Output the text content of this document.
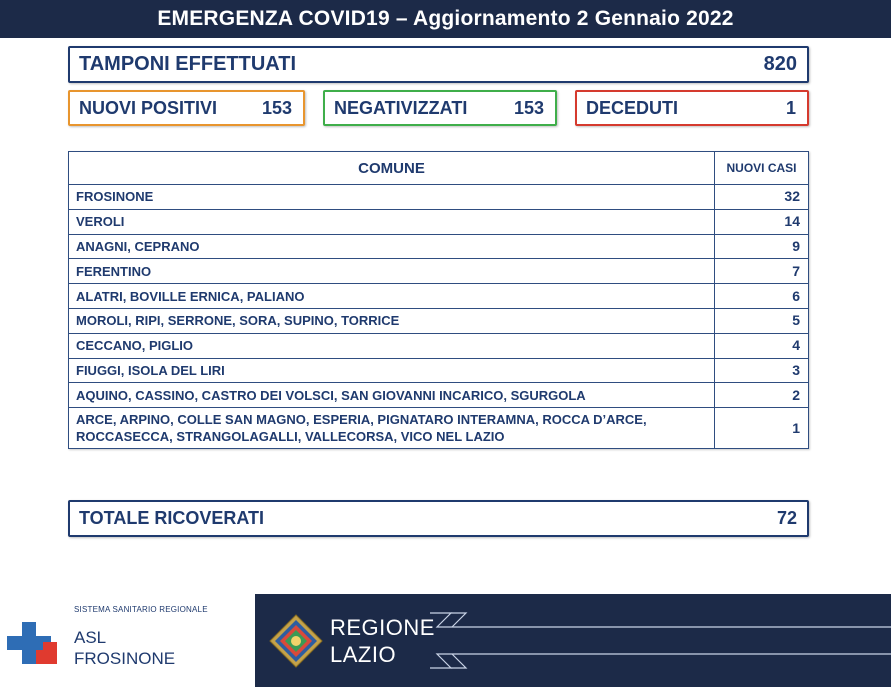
EMERGENZA COVID19 – Aggiornamento 2 Gennaio 2022
TAMPONI EFFETTUATI	820
NUOVI POSITIVI 153 NEGATIVIZZATI	153 DECEDUTI	1
COMUNE	NUOVI CASI
FROSINONE	32
VEROLI	14
ANAGNI, CEPRANO	9
FERENTINO	7
ALATRI, BOVILLE ERNICA, PALIANO	6
MOROLI, RIPI, SERRONE, SORA, SUPINO, TORRICE	5
CECCANO, PIGLIO	4
FIUGGI, ISOLA DEL LIRI	3
AQUINO, CASSINO, CASTRO DEI VOLSCI, SAN GIOVANNI INCARICO, SGURGOLA	2
ARCE, ARPINO, COLLE SAN MAGNO, ESPERIA, PIGNATARO INTERAMNA, ROCCA D’ARCE, ROCCASECCA, STRANGOLAGALLI, VALLECORSA, VICO NEL LAZIO	1
TOTALE RICOVERATI	72
SISTEMA SANITARIO REGIONALE
ASL
FROSINONE
REGIONE
LAZIO
